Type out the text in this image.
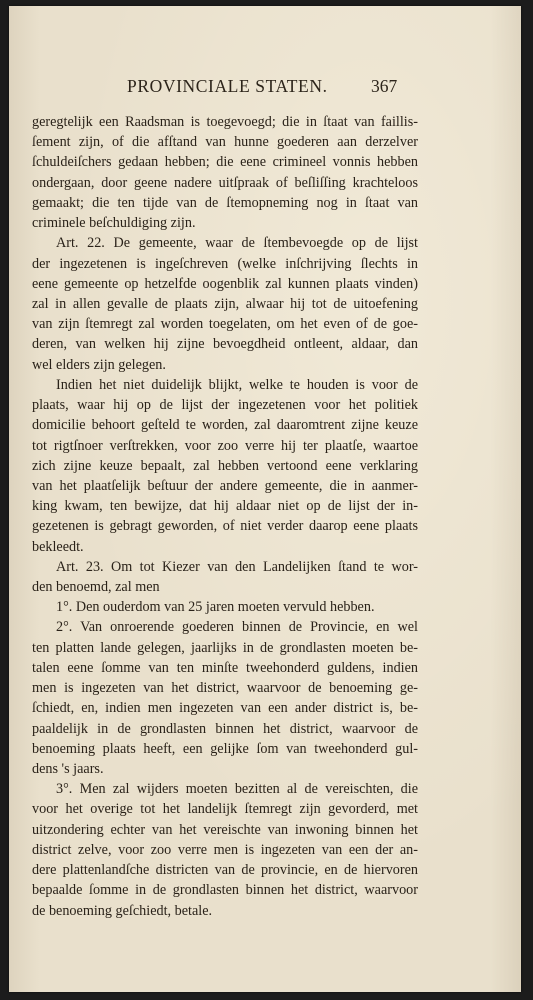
PROVINCIALE STATEN. 367
geregtelijk een Raadsman is toegevoegd; die in ſtaat van faillis-
ſement zijn, of die afſtand van hunne goederen aan derzelver
ſchuldeiſchers gedaan hebben; die eene crimineel vonnis hebben
ondergaan, door geene nadere uitſpraak of beſliſſing krachteloos
gemaakt; die ten tijde van de ſtemopneming nog in ſtaat van
criminele beſchuldiging zijn.
Art. 22. De gemeente, waar de ſtembevoegde op de lijst
der ingezetenen is ingeſchreven (welke inſchrijving ſlechts in
eene gemeente op hetzelfde oogenblik zal kunnen plaats vinden)
zal in allen gevalle de plaats zijn, alwaar hij tot de uitoefening
van zijn ſtemregt zal worden toegelaten, om het even of de goe-
deren, van welken hij zijne bevoegdheid ontleent, aldaar, dan
wel elders zijn gelegen.
Indien het niet duidelijk blijkt, welke te houden is voor de
plaats, waar hij op de lijst der ingezetenen voor het politiek
domicilie behoort geſteld te worden, zal daaromtrent zijne keuze
tot rigtſnoer verſtrekken, voor zoo verre hij ter plaatſe, waartoe
zich zijne keuze bepaalt, zal hebben vertoond eene verklaring
van het plaatſelijk beſtuur der andere gemeente, die in aanmer-
king kwam, ten bewijze, dat hij aldaar niet op de lijst der in-
gezetenen is gebragt geworden, of niet verder daarop eene plaats
bekleedt.
Art. 23. Om tot Kiezer van den Landelijken ſtand te wor-
den benoemd, zal men
1°. Den ouderdom van 25 jaren moeten vervuld hebben.
2°. Van onroerende goederen binnen de Provincie, en wel
ten platten lande gelegen, jaarlijks in de grondlasten moeten be-
talen eene ſomme van ten minſte tweehonderd guldens, indien
men is ingezeten van het district, waarvoor de benoeming ge-
ſchiedt, en, indien men ingezeten van een ander district is, be-
paaldelijk in de grondlasten binnen het district, waarvoor de
benoeming plaats heeft, een gelijke ſom van tweehonderd gul-
dens 's jaars.
3°. Men zal wijders moeten bezitten al de vereischten, die
voor het overige tot het landelijk ſtemregt zijn gevorderd, met
uitzondering echter van het vereischte van inwoning binnen het
district zelve, voor zoo verre men is ingezeten van een der an-
dere plattenlandſche districten van de provincie, en de hiervoren
bepaalde ſomme in de grondlasten binnen het district, waarvoor
de benoeming geſchiedt, betale.
